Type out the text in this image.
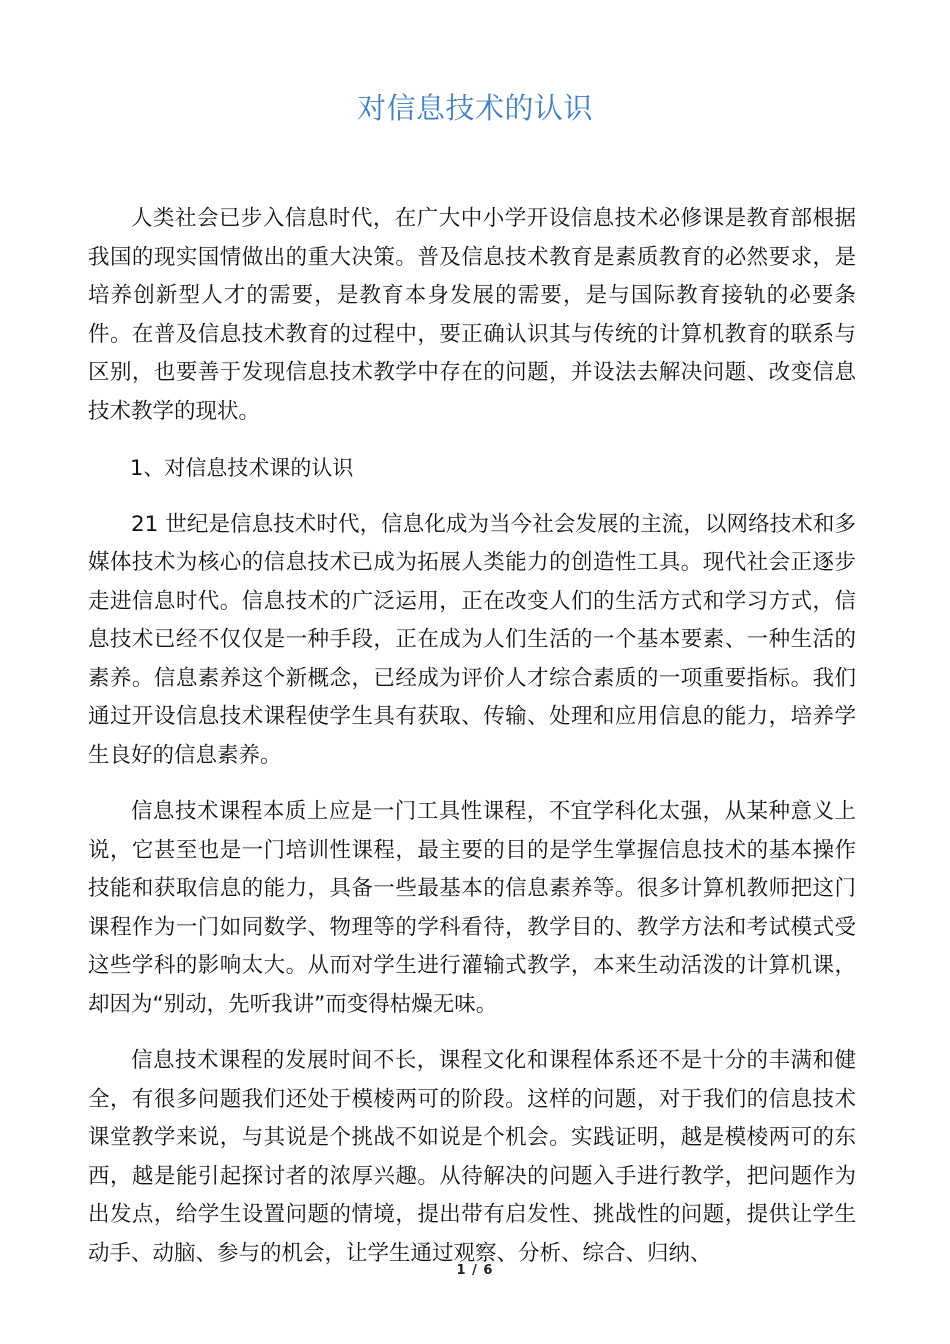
对信息技术的认识

人类社会已步入信息时代，在广大中小学开设信息技术必修课是教育部根据我国的现实国情做出的重大决策。普及信息技术教育是素质教育的必然要求，是培养创新型人才的需要，是教育本身发展的需要，是与国际教育接轨的必要条件。在普及信息技术教育的过程中，要正确认识其与传统的计算机教育的联系与区别，也要善于发现信息技术教学中存在的问题，并设法去解决问题、改变信息技术教学的现状。

1、对信息技术课的认识

21 世纪是信息技术时代，信息化成为当今社会发展的主流，以网络技术和多媒体技术为核心的信息技术已成为拓展人类能力的创造性工具。现代社会正逐步走进信息时代。信息技术的广泛运用，正在改变人们的生活方式和学习方式，信息技术已经不仅仅是一种手段，正在成为人们生活的一个基本要素、一种生活的素养。信息素养这个新概念，已经成为评价人才综合素质的一项重要指标。我们通过开设信息技术课程使学生具有获取、传输、处理和应用信息的能力，培养学生良好的信息素养。

信息技术课程本质上应是一门工具性课程，不宜学科化太强，从某种意义上说，它甚至也是一门培训性课程，最主要的目的是学生掌握信息技术的基本操作技能和获取信息的能力，具备一些最基本的信息素养等。很多计算机教师把这门课程作为一门如同数学、物理等的学科看待，教学目的、教学方法和考试模式受这些学科的影响太大。从而对学生进行灌输式教学，本来生动活泼的计算机课，却因为“别动，先听我讲”而变得枯燥无味。

信息技术课程的发展时间不长，课程文化和课程体系还不是十分的丰满和健全，有很多问题我们还处于模棱两可的阶段。这样的问题，对于我们的信息技术课堂教学来说，与其说是个挑战不如说是个机会。实践证明，越是模棱两可的东西，越是能引起探讨者的浓厚兴趣。从待解决的问题入手进行教学，把问题作为出发点，给学生设置问题的情境，提出带有启发性、挑战性的问题，提供让学生动手、动脑、参与的机会，让学生通过观察、分析、综合、归纳、

1 / 6
